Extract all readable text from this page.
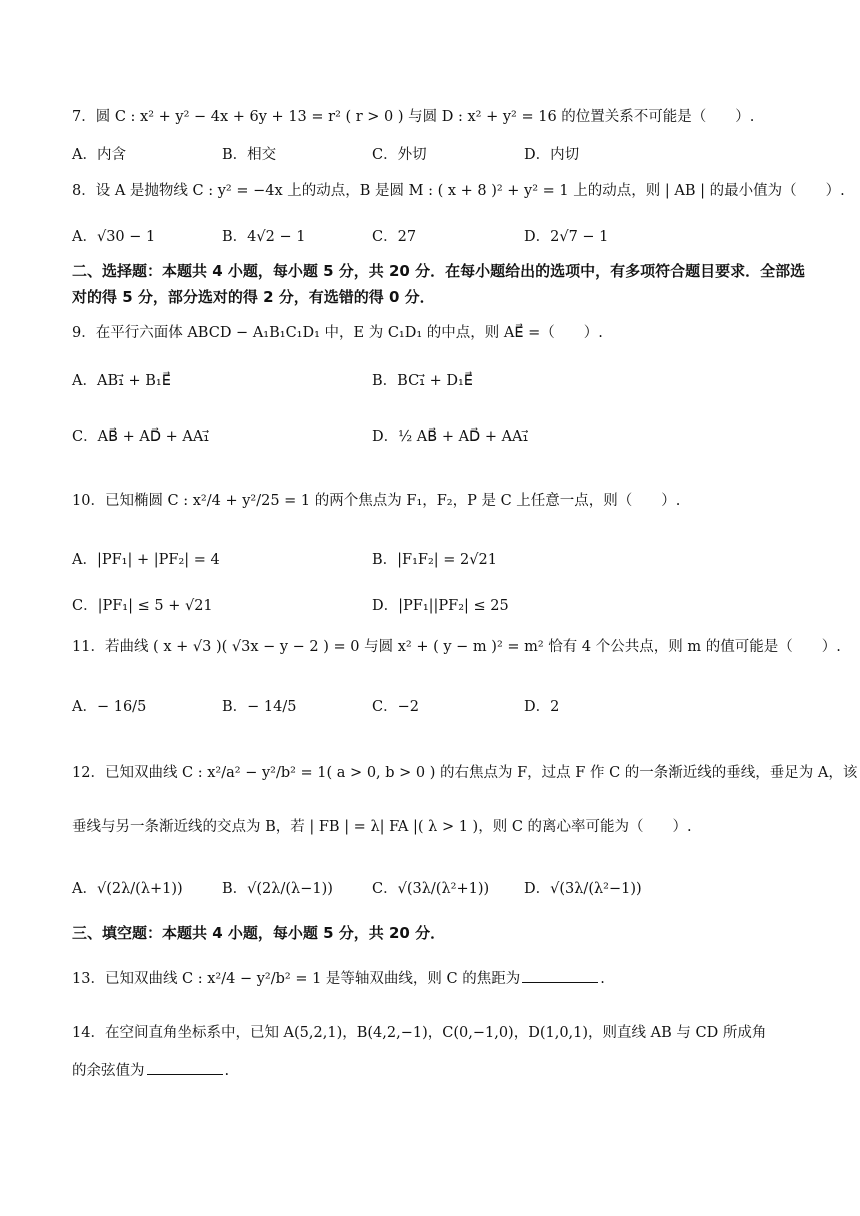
7．圆 C : x² + y² − 4x + 6y + 13 = r² ( r > 0 ) 与圆 D : x² + y² = 16 的位置关系不可能是（　　）.
A．内含	B．相交	C．外切	D．内切
8．设 A 是抛物线 C : y² = −4x 上的动点，B 是圆 M : ( x + 8 )² + y² = 1 上的动点，则 | AB | 的最小值为（　　）.
A．√30 − 1	B．4√2 − 1	C．27	D．2√7 − 1
二、选择题：本题共 4 小题，每小题 5 分，共 20 分．在每小题给出的选项中，有多项符合题目要求．全部选对的得 5 分，部分选对的得 2 分，有选错的得 0 分．
9．在平行六面体 ABCD − A₁B₁C₁D₁ 中，E 为 C₁D₁ 的中点，则 AE⃗ =（　　）.
A．AB₁⃗ + B₁E⃗	B．BC₁⃗ + D₁E⃗
C．AB⃗ + AD⃗ + AA₁⃗	D．½ AB⃗ + AD⃗ + AA₁⃗
10．已知椭圆 C : x²/4 + y²/25 = 1 的两个焦点为 F₁，F₂，P 是 C 上任意一点，则（　　）.
A．|PF₁| + |PF₂| = 4	B．|F₁F₂| = 2√21
C．|PF₁| ≤ 5 + √21	D．|PF₁||PF₂| ≤ 25
11．若曲线 ( x + √3 )( √3x − y − 2 ) = 0 与圆 x² + ( y − m )² = m² 恰有 4 个公共点，则 m 的值可能是（　　）.
A．− 16/5	B．− 14/5	C．−2	D．2
12．已知双曲线 C : x²/a² − y²/b² = 1( a > 0, b > 0 ) 的右焦点为 F，过点 F 作 C 的一条渐近线的垂线，垂足为 A，该
垂线与另一条渐近线的交点为 B，若 | FB | = λ| FA |( λ > 1 )，则 C 的离心率可能为（　　）.
A．√(2λ/(λ+1))	B．√(2λ/(λ−1))	C．√(3λ/(λ²+1)) D．√(3λ/(λ²−1))
三、填空题：本题共 4 小题，每小题 5 分，共 20 分．
13．已知双曲线 C : x²/4 − y²/b² = 1 是等轴双曲线，则 C 的焦距为	.
14．在空间直角坐标系中，已知 A(5,2,1)，B(4,2,−1)，C(0,−1,0)，D(1,0,1)，则直线 AB 与 CD 所成角
的余弦值为	.
